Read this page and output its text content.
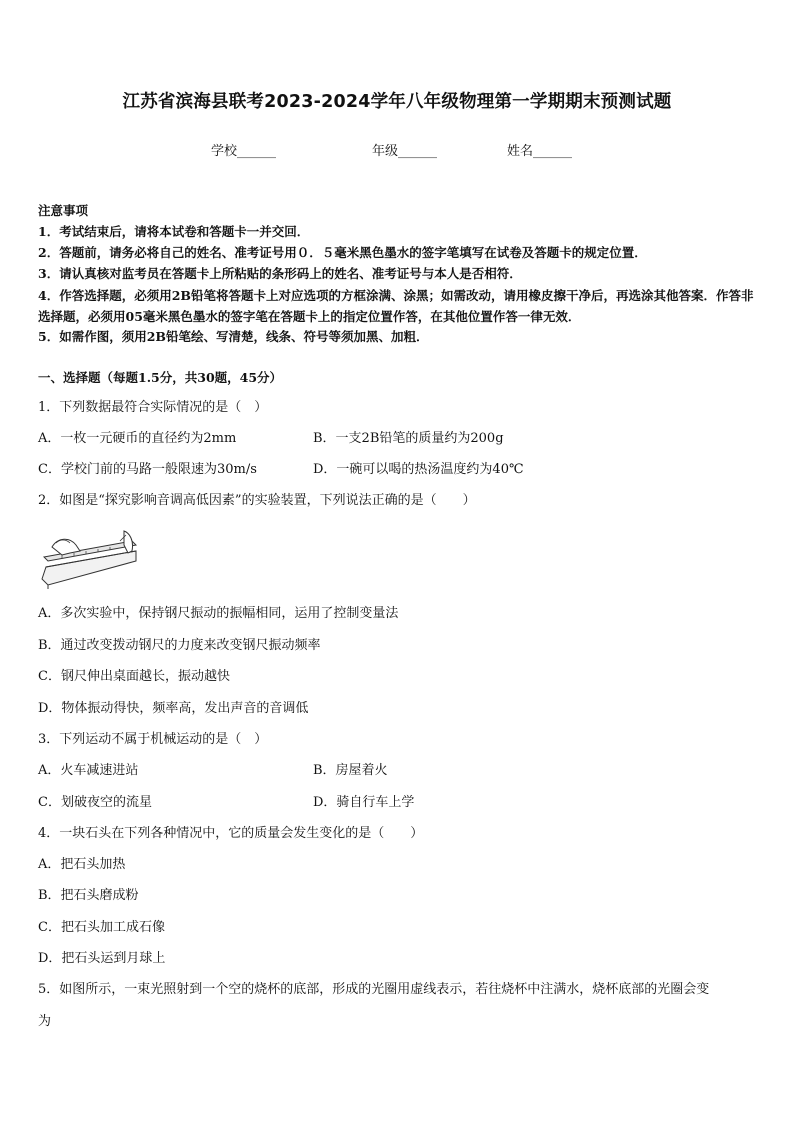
江苏省滨海县联考2023-2024学年八年级物理第一学期期末预测试题
学校______	年级______	姓名______
注意事项
1．考试结束后，请将本试卷和答题卡一并交回．
2．答题前，请务必将自己的姓名、准考证号用０．５毫米黑色墨水的签字笔填写在试卷及答题卡的规定位置．
3．请认真核对监考员在答题卡上所粘贴的条形码上的姓名、准考证号与本人是否相符．
4．作答选择题，必须用2B铅笔将答题卡上对应选项的方框涂满、涂黑；如需改动，请用橡皮擦干净后，再选涂其他答案．作答非选择题，必须用05毫米黑色墨水的签字笔在答题卡上的指定位置作答，在其他位置作答一律无效．
5．如需作图，须用2B铅笔绘、写清楚，线条、符号等须加黑、加粗．
一、选择题（每题1.5分，共30题，45分）
1．下列数据最符合实际情况的是（　）
A．一枚一元硬币的直径约为2mm	B．一支2B铅笔的质量约为200g
C．学校门前的马路一般限速为30m/s	D．一碗可以喝的热汤温度约为40℃
2．如图是“探究影响音调高低因素”的实验装置，下列说法正确的是（　　）
A．多次实验中，保持钢尺振动的振幅相同，运用了控制变量法
B．通过改变拨动钢尺的力度来改变钢尺振动频率
C．钢尺伸出桌面越长，振动越快
D．物体振动得快，频率高，发出声音的音调低
3．下列运动不属于机械运动的是（　）
A．火车减速进站	B．房屋着火
C．划破夜空的流星	D．骑自行车上学
4．一块石头在下列各种情况中，它的质量会发生变化的是（　　）
A．把石头加热
B．把石头磨成粉
C．把石头加工成石像
D．把石头运到月球上
5．如图所示，一束光照射到一个空的烧杯的底部，形成的光圈用虚线表示，若往烧杯中注满水，烧杯底部的光圈会变
为
